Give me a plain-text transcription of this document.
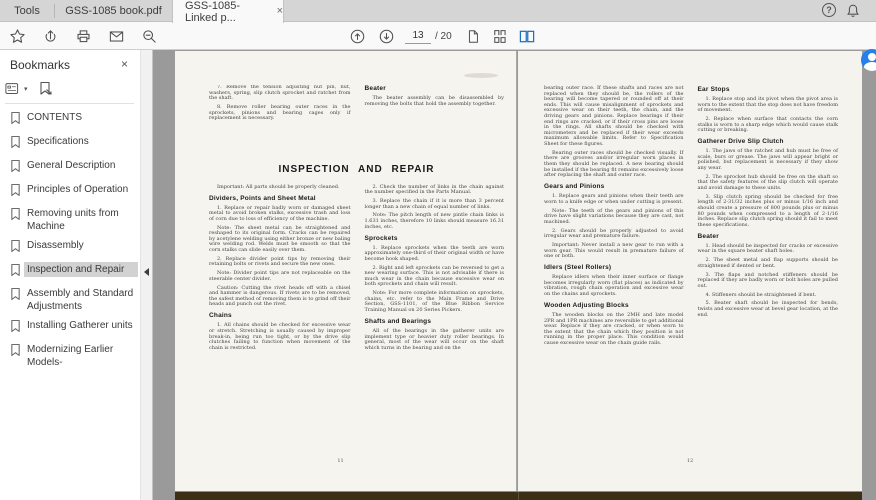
Tools GSS-1085 book.pdf GSS-1085-Linked p...
×	?
13
/ 20
Bookmarks	×
▾
CONTENTS
Specifications
General Description
Principles of Operation
Removing units from Machine
Disassembly
Inspection and Repair
Assembly and Standard Adjustments
Installing Gatherer units
Modernizing Earlier Models-
7. Remove the tension adjusting nut pin, nut, washers, spring, slip clutch sprocket and ratchet from the shaft.
8. Remove roller bearing outer races in the sprockets, pinions and bearing cages only if replacement is necessary.
Beater
The beater assembly can be disassembled by removing the bolts that hold the assembly together.
INSPECTION AND REPAIR
Important: All parts should be properly cleaned.
Dividers, Points and Sheet Metal
1. Replace or repair badly worn or damaged sheet metal to avoid broken stalks, excessive trash and loss of corn due to loss of efficiency of the machine.
Note: The sheet metal can be straightened and reshaped to its original form. Cracks can be repaired by acetylene welding using either bronze or new baling wire welding rod. Welds must be smooth so that the corn stalks can slide easily over them.
2. Replace divider point tips by removing their retaining bolts or rivets and secure the new ones.
Note: Divider point tips are not replaceable on the steerable center divider.
Caution: Cutting the rivet heads off with a chisel and hammer is dangerous. If rivets are to be removed, the safest method of removing them is to grind off their heads and punch out the rivet.
Chains
1. All chains should be checked for excessive wear or stretch. Stretching is usually caused by improper break-in, being run too tight, or by the drive slip clutches failing to function when movement of the chain is restricted.
2. Check the number of links in the chain against the number specified in the Parts Manual.
3. Replace the chain if it is more than 3 percent longer than a new chain of equal number of links.
Note: The pitch length of new pintle chain links is 1.631 inches, therefore 10 links should measure 16.31 inches, etc.
Sprockets
1. Replace sprockets when the teeth are worn approximately one-third of their original width or have become hook shaped.
2. Right and left sprockets can be reversed to get a new wearing surface. This is not advisable if there is much wear in the chain because excessive wear on both sprockets and chain will result.
Note: For more complete information on sprockets, chains, etc. refer to the Main Frame and Drive Section, GSS-1101, of the Blue Ribbon Service Training Manual on 20 Series Pickers.
Shafts and Bearings
All of the bearings in the gatherer units are implement type or heavier duty roller bearings. In general, most of the wear will occur on the shaft which turns in the bearing and on the
11
bearing outer race. If these shafts and races are not replaced when they should be, the rollers of the bearing will become tapered or rounded off at their ends. This will cause misalignment of sprockets and excessive wear on their teeth, the chain, and the driving gears and pinions. Replace bearings if their end rings are cracked, or if their cross pins are loose in the rings. All shafts should be checked with micrometers and be replaced if their wear exceeds maximum allowable limits. Refer to Specification Sheet for these figures.
Bearing outer races should be checked visually. If there are grooves and/or irregular worn places in them they should be replaced. A new bearing should be installed if the bearing fit remains excessively loose after replacing the shaft and outer race.
Gears and Pinions
1. Replace gears and pinions when their teeth are worn to a knife edge or when under cutting is present.
Note: The teeth of the gears and pinions of this drive have slight variations because they are cast, not machined.
2. Gears should be properly adjusted to avoid irregular wear and premature failure.
Important: Never install a new gear to run with a worn gear. This would result in premature failure of one or both.
Idlers (Steel Rollers)
Replace idlers when their inner surface or flange becomes irregularly worn (flat places) as indicated by vibration, rough chain operation and excessive wear on the chains and sprockets.
Wooden Adjusting Blocks
The wooden blocks on the 2MH and late model 2PR and 1PR machines are reversible to get additional wear. Replace if they are cracked, or when worn to the extent that the chain which they position is not running in the proper place. This condition would cause excessive wear on the chain guide rails.
Ear Stops
1. Replace stop and its pivot when the pivot area is worn to the extent that the stop does not have freedom of movement.
2. Replace when surface that contacts the corn stalks is worn to a sharp edge which would cause stalk cutting or breaking.
Gatherer Drive Slip Clutch
1. The jaws of the ratchet and hub must be free of scale, burs or grease. The jaws will appear bright or polished, but replacement is necessary if they show any wear.
2. The sprocket hub should be free on the shaft so that the safety features of the slip clutch will operate and avoid damage to these units.
3. Slip clutch spring should be checked for free length of 2-31/32 inches plus or minus 1/16 inch and should create a pressure of 800 pounds plus or minus 80 pounds when compressed to a length of 2-1/16 inches. Replace slip clutch spring should it fail to meet these specifications.
Beater
1. Head should be inspected for cracks or excessive wear in the square beater shaft holes.
2. The sheet metal and flap supports should be straightened if dented or bent.
3. The flaps and notched stiffeners should be replaced if they are badly worn or bolt holes are pulled out.
4. Stiffeners should be straightened if bent.
5. Beater shaft should be inspected for bends, twists and excessive wear at bevel gear location, at the end.
12
